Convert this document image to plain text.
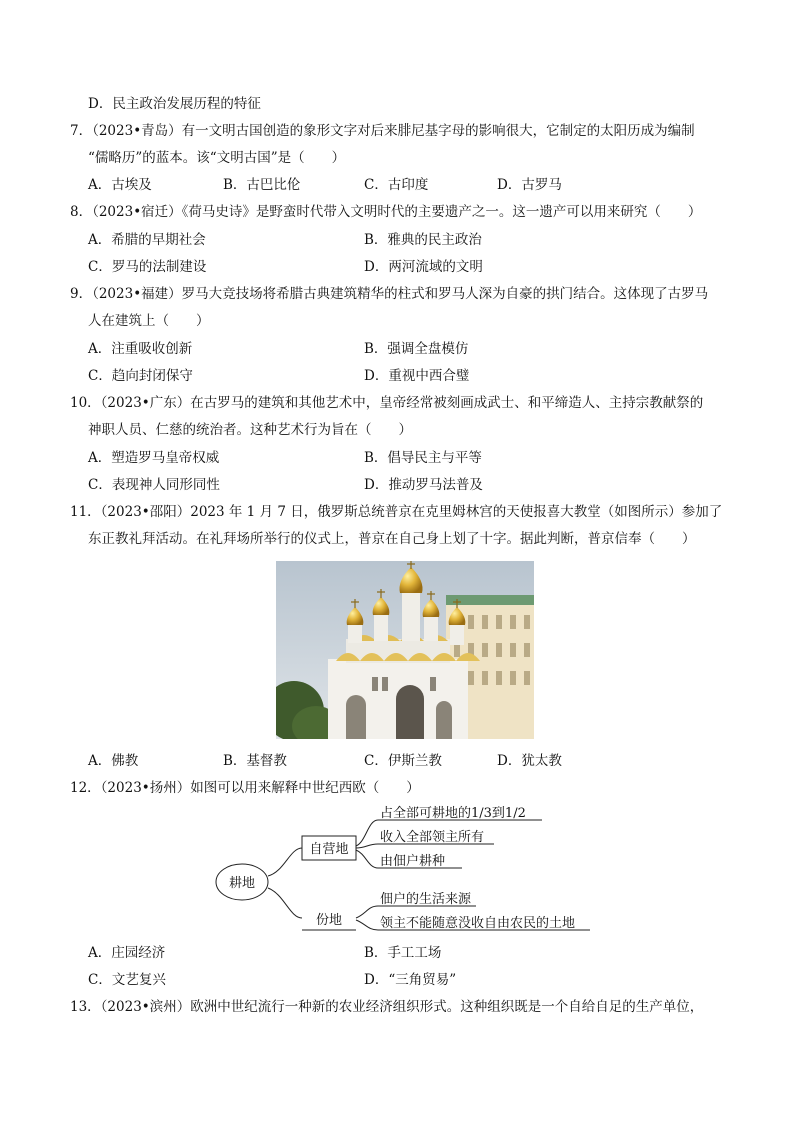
D．民主政治发展历程的特征
7．（2023•青岛）有一文明古国创造的象形文字对后来腓尼基字母的影响很大，它制定的太阳历成为编制
“儒略历”的蓝本。该“文明古国”是（　　）
A．古埃及	B．古巴比伦	C．古印度	D．古罗马
8．（2023•宿迁）《荷马史诗》是野蛮时代带入文明时代的主要遗产之一。这一遗产可以用来研究（　　）
A．希腊的早期社会	B．雅典的民主政治
C．罗马的法制建设	D．两河流域的文明
9．（2023•福建）罗马大竞技场将希腊古典建筑精华的柱式和罗马人深为自豪的拱门结合。这体现了古罗马
人在建筑上（　　）
A．注重吸收创新	B．强调全盘模仿
C．趋向封闭保守	D．重视中西合璧
10．（2023•广东）在古罗马的建筑和其他艺术中，皇帝经常被刻画成武士、和平缔造人、主持宗教献祭的
神职人员、仁慈的统治者。这种艺术行为旨在（　　）
A．塑造罗马皇帝权威	B．倡导民主与平等
C．表现神人同形同性	D．推动罗马法普及
11．（2023•邵阳）2023 年 1 月 7 日，俄罗斯总统普京在克里姆林宫的天使报喜大教堂（如图所示）参加了
东正教礼拜活动。在礼拜场所举行的仪式上，普京在自己身上划了十字。据此判断，普京信奉（　　）
A．佛教	B．基督教	C．伊斯兰教	D．犹太教
12．（2023•扬州）如图可以用来解释中世纪西欧（　　）
耕地
自营地
份地
占全部可耕地的1/3到1/2
收入全部领主所有
由佃户耕种
佃户的生活来源
领主不能随意没收自由农民的土地
A．庄园经济	B．手工工场
C．文艺复兴	D．“三角贸易”
13．（2023•滨州）欧洲中世纪流行一种新的农业经济组织形式。这种组织既是一个自给自足的生产单位，
